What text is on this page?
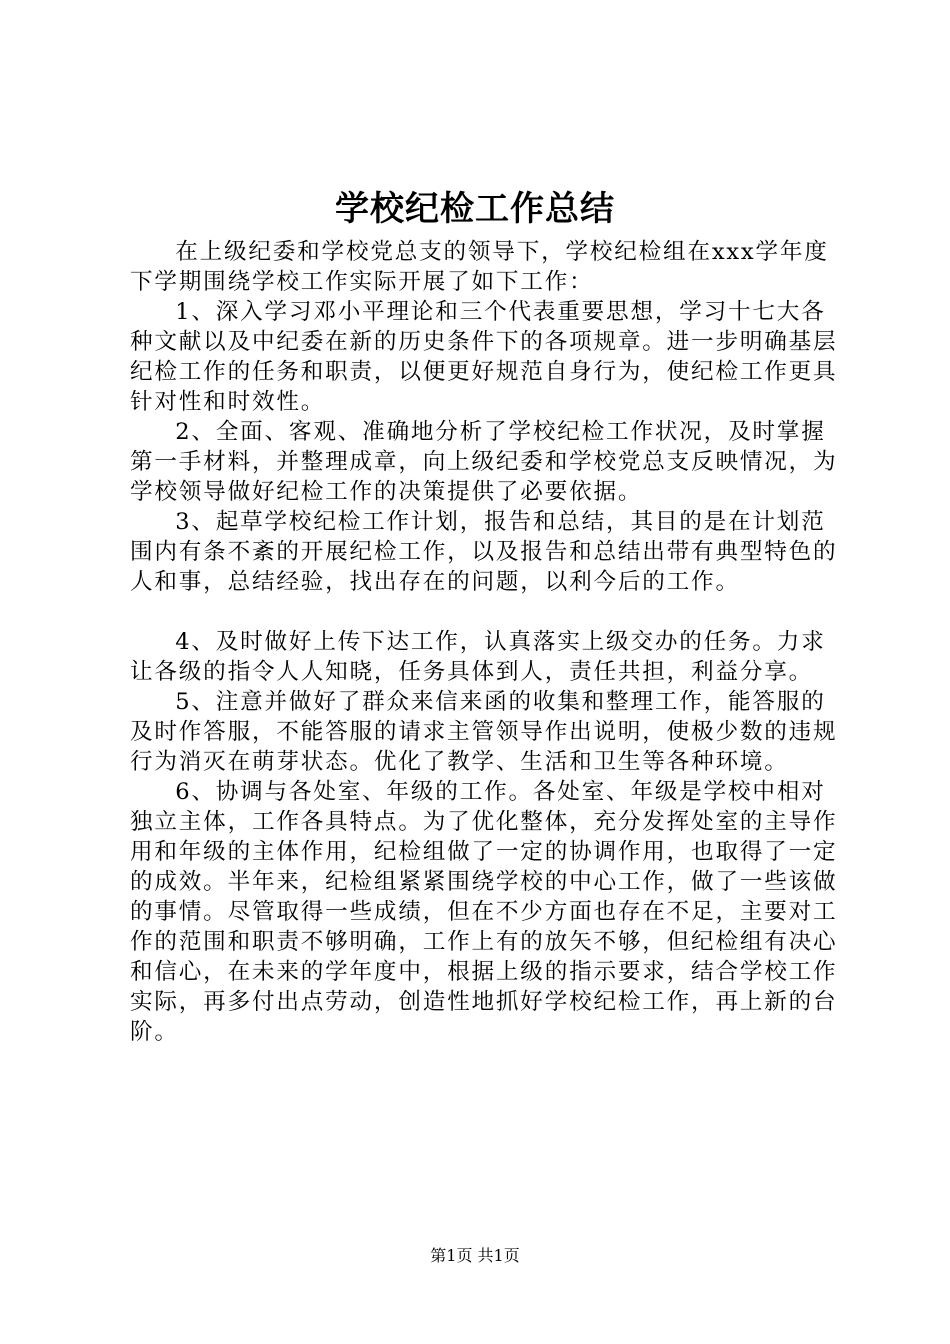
学校纪检工作总结

在上级纪委和学校党总支的领导下，学校纪检组在xxx学年度下学期围绕学校工作实际开展了如下工作：

1、深入学习邓小平理论和三个代表重要思想，学习十七大各种文献以及中纪委在新的历史条件下的各项规章。进一步明确基层纪检工作的任务和职责，以便更好规范自身行为，使纪检工作更具针对性和时效性。

2、全面、客观、准确地分析了学校纪检工作状况，及时掌握第一手材料，并整理成章，向上级纪委和学校党总支反映情况，为学校领导做好纪检工作的决策提供了必要依据。

3、起草学校纪检工作计划，报告和总结，其目的是在计划范围内有条不紊的开展纪检工作，以及报告和总结出带有典型特色的人和事，总结经验，找出存在的问题，以利今后的工作。

4、及时做好上传下达工作，认真落实上级交办的任务。力求让各级的指令人人知晓，任务具体到人，责任共担，利益分享。

5、注意并做好了群众来信来函的收集和整理工作，能答服的及时作答服，不能答服的请求主管领导作出说明，使极少数的违规行为消灭在萌芽状态。优化了教学、生活和卫生等各种环境。

6、协调与各处室、年级的工作。各处室、年级是学校中相对独立主体，工作各具特点。为了优化整体，充分发挥处室的主导作用和年级的主体作用，纪检组做了一定的协调作用，也取得了一定的成效。半年来，纪检组紧紧围绕学校的中心工作，做了一些该做的事情。尽管取得一些成绩，但在不少方面也存在不足，主要对工作的范围和职责不够明确，工作上有的放矢不够，但纪检组有决心和信心，在未来的学年度中，根据上级的指示要求，结合学校工作实际，再多付出点劳动，创造性地抓好学校纪检工作，再上新的台阶。

第1页 共1页
